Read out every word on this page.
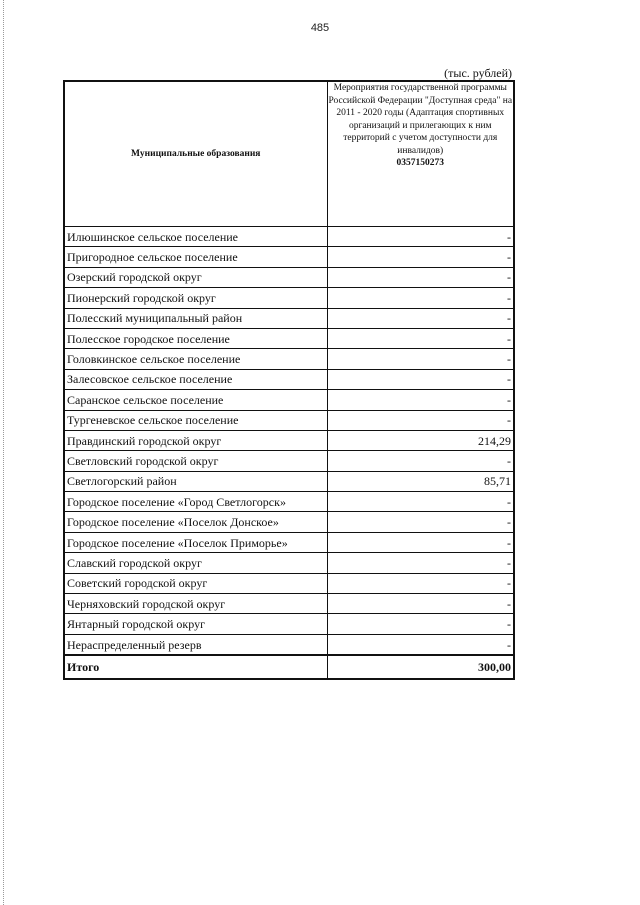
485
(тыс. рублей)
Муниципальные образования	Мероприятия государственной программы Российской Федерации "Доступная среда" на 2011 - 2020 годы (Адаптация спортивных организаций и прилегающих к ним территорий с учетом доступности для инвалидов)
0357150273

Илюшинское сельское поселение	-
Пригородное сельское поселение	-
Озерский городской округ	-
Пионерский городской округ	-
Полесский муниципальный район	-
Полесское городское поселение	-
Головкинское сельское поселение	-
Залесовское сельское поселение	-
Саранское сельское поселение	-
Тургеневское сельское поселение	-
Правдинский городской округ	214,29
Светловский городской округ	-
Светлогорский район	85,71
Городское поселение «Город Светлогорск»	-
Городское поселение «Поселок Донское»	-
Городское поселение «Поселок Приморье»	-
Славский городской округ	-
Советский городской округ	-
Черняховский городской округ	-
Янтарный городской округ	-
Нераспределенный резерв	-
Итого	300,00
